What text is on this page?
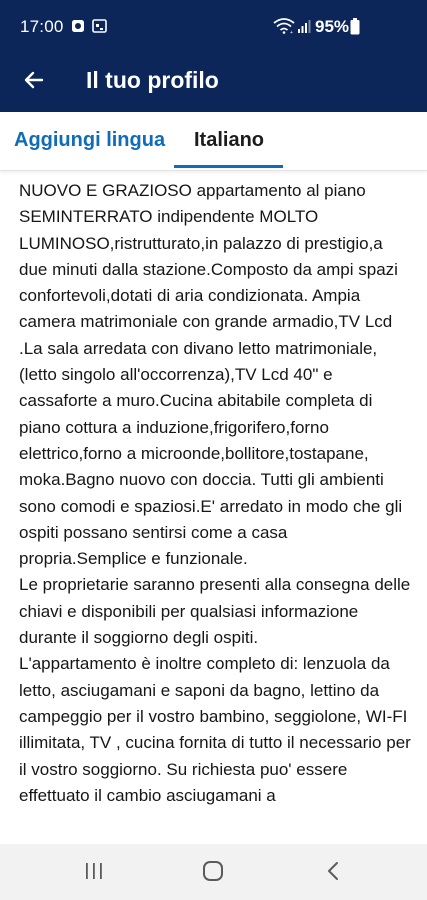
17:00	+ 95%
Il tuo profilo
Aggiungi lingua Italiano

NUOVO E GRAZIOSO appartamento al piano SEMINTERRATO indipendente MOLTO LUMINOSO,ristrutturato,in palazzo di prestigio,a due minuti dalla stazione.Composto da ampi spazi confortevoli,dotati di aria condizionata. Ampia camera matrimoniale con grande armadio,TV Lcd .La sala arredata con divano letto matrimoniale,(letto singolo all'occorrenza),TV Lcd 40" e cassaforte a muro.Cucina abitabile completa di piano cottura a induzione,frigorifero,forno elettrico,forno a microonde,bollitore,tostapane, moka.Bagno nuovo con doccia. Tutti gli ambienti sono comodi e spaziosi.E' arredato in modo che gli ospiti possano sentirsi come a casa propria.Semplice e funzionale.
Le proprietarie saranno presenti alla consegna delle chiavi e disponibili per qualsiasi informazione durante il soggiorno degli ospiti.
L'appartamento è inoltre completo di: lenzuola da letto, asciugamani e saponi da bagno, lettino da campeggio per il vostro bambino, seggiolone, WI-FI illimitata, TV , cucina fornita di tutto il necessario per il vostro soggiorno. Su richiesta puo' essere effettuato il cambio asciugamani a
